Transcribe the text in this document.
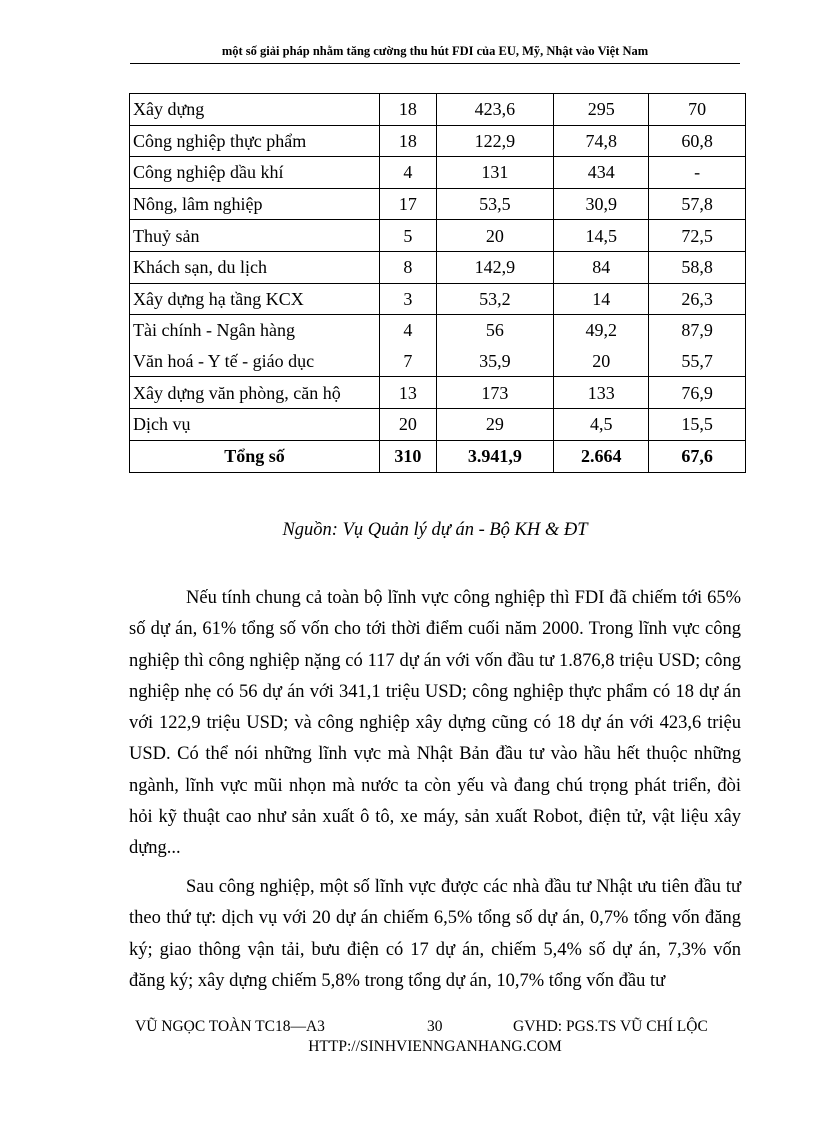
một số giải pháp nhằm tăng cường thu hút FDI của EU, Mỹ, Nhật vào Việt Nam
Xây dựng	18	423,6	295	70
Công nghiệp thực phẩm	18	122,9	74,8	60,8
Công nghiệp dầu khí	4	131	434	-
Nông, lâm nghiệp	17	53,5	30,9	57,8
Thuỷ sản	5	20	14,5	72,5
Khách sạn, du lịch	8	142,9	84	58,8
Xây dựng hạ tầng KCX	3	53,2	14	26,3
Tài chính - Ngân hàng	4	56	49,2	87,9
Văn hoá - Y tế - giáo dục	7	35,9	20	55,7
Xây dựng văn phòng, căn hộ	13	173	133	76,9
Dịch vụ	20	29	4,5	15,5
Tổng số	310	3.941,9	2.664	67,6
Nguồn: Vụ Quản lý dự án - Bộ KH & ĐT

Nếu tính chung cả toàn bộ lĩnh vực công nghiệp thì FDI đã chiếm tới 65% số dự án, 61% tổng số vốn cho tới thời điểm cuối năm 2000. Trong lĩnh vực công nghiệp thì công nghiệp nặng có 117 dự án với vốn đầu tư 1.876,8 triệu USD; công nghiệp nhẹ có 56 dự án với 341,1 triệu USD; công nghiệp thực phẩm có 18 dự án với 122,9 triệu USD; và công nghiệp xây dựng cũng có 18 dự án với 423,6 triệu USD. Có thể nói những lĩnh vực mà Nhật Bản đầu tư vào hầu hết thuộc những ngành, lĩnh vực mũi nhọn mà nước ta còn yếu và đang chú trọng phát triển, đòi hỏi kỹ thuật cao như sản xuất ô tô, xe máy, sản xuất Robot, điện tử, vật liệu xây dựng...

Sau công nghiệp, một số lĩnh vực được các nhà đầu tư Nhật ưu tiên đầu tư theo thứ tự: dịch vụ với 20 dự án chiếm 6,5% tổng số dự án, 0,7% tổng vốn đăng ký; giao thông vận tải, bưu điện có 17 dự án, chiếm 5,4% số dự án, 7,3% vốn đăng ký; xây dựng chiếm 5,8% trong tổng dự án, 10,7% tổng vốn đầu tư

VŨ NGỌC TOÀN TC18—A3	30	GVHD: PGS.TS VŨ CHÍ LỘC
HTTP://SINHVIENNGANHANG.COM
